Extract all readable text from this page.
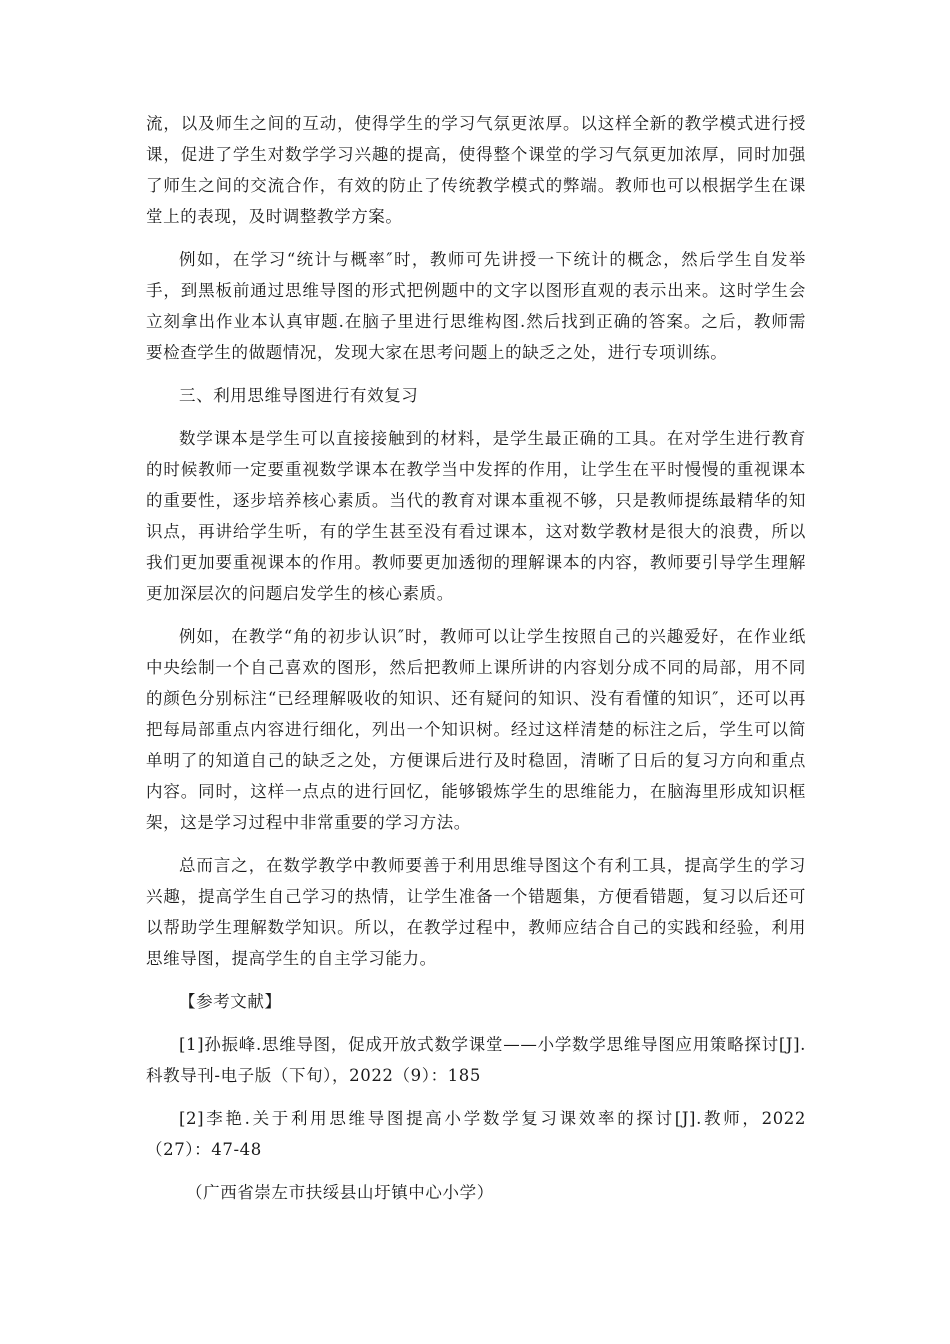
流，以及师生之间的互动，使得学生的学习气氛更浓厚。以这样全新的教学模式进行授课，促进了学生对数学学习兴趣的提高，使得整个课堂的学习气氛更加浓厚，同时加强了师生之间的交流合作，有效的防止了传统教学模式的弊端。教师也可以根据学生在课堂上的表现，及时调整教学方案。

例如，在学习“统计与概率″时，教师可先讲授一下统计的概念，然后学生自发举手，到黑板前通过思维导图的形式把例题中的文字以图形直观的表示出来。这时学生会立刻拿出作业本认真审题.在脑子里进行思维构图.然后找到正确的答案。之后，教师需要检查学生的做题情况，发现大家在思考问题上的缺乏之处，进行专项训练。

三、利用思维导图进行有效复习

数学课本是学生可以直接接触到的材料，是学生最正确的工具。在对学生进行教育的时候教师一定要重视数学课本在教学当中发挥的作用，让学生在平时慢慢的重视课本的重要性，逐步培养核心素质。当代的教育对课本重视不够，只是教师提练最精华的知识点，再讲给学生听，有的学生甚至没有看过课本，这对数学教材是很大的浪费，所以我们更加要重视课本的作用。教师要更加透彻的理解课本的内容，教师要引导学生理解更加深层次的问题启发学生的核心素质。

例如，在教学“角的初步认识″时，教师可以让学生按照自己的兴趣爱好，在作业纸中央绘制一个自己喜欢的图形，然后把教师上课所讲的内容划分成不同的局部，用不同的颜色分别标注“已经理解吸收的知识、还有疑问的知识、没有看懂的知识″，还可以再把每局部重点内容进行细化，列出一个知识树。经过这样清楚的标注之后，学生可以简单明了的知道自己的缺乏之处，方便课后进行及时稳固，清晰了日后的复习方向和重点内容。同时，这样一点点的进行回忆，能够锻炼学生的思维能力，在脑海里形成知识框架，这是学习过程中非常重要的学习方法。

总而言之，在数学教学中教师要善于利用思维导图这个有利工具，提高学生的学习兴趣，提高学生自己学习的热情，让学生准备一个错题集，方便看错题，复习以后还可以帮助学生理解数学知识。所以，在教学过程中，教师应结合自己的实践和经验，利用思维导图，提高学生的自主学习能力。

【参考文献】

[1]孙振峰.思维导图，促成开放式数学课堂——小学数学思维导图应用策略探讨[J].科教导刊-电子版（下旬），2022（9）：185

[2]李艳.关于利用思维导图提高小学数学复习课效率的探讨[J].教师，2022（27）：47-48

（广西省崇左市扶绥县山圩镇中心小学）
